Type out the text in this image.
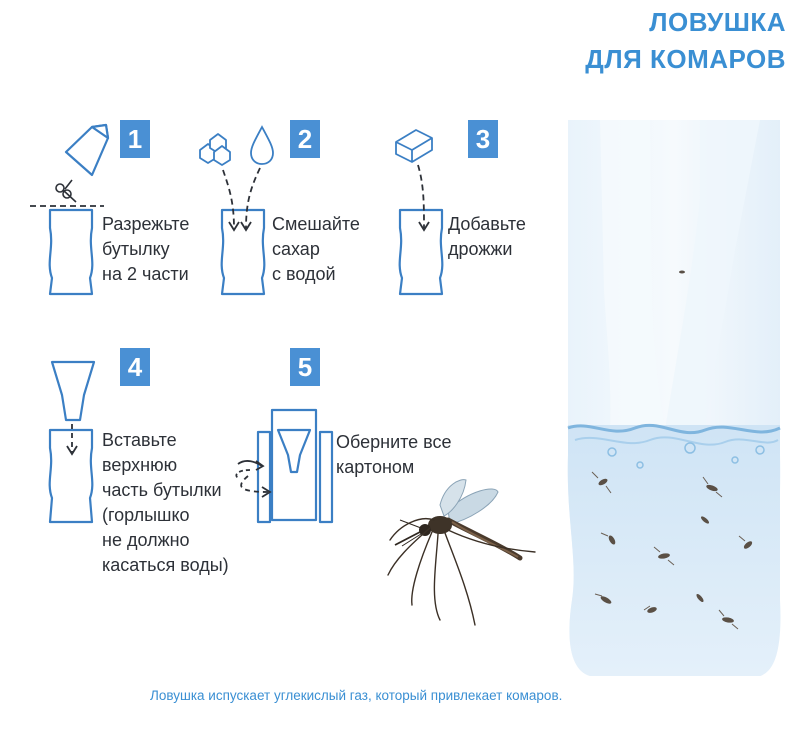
ЛОВУШКА
ДЛЯ КОМАРОВ
1	2	3
4	5
Разрежьте
бутылку
на 2 части
Смешайте
сахар
с водой
Добавьте
дрожжи
Вставьте
верхнюю
часть бутылки
(горлышко
не должно
касаться воды)
Оберните все
картоном
Ловушка испускает углекислый газ, который привлекает комаров.
